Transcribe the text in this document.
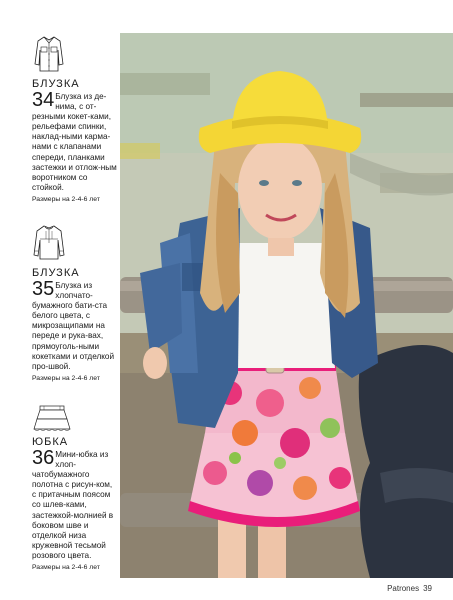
БЛУЗКА
34 Блузка из де-нима, с от-резными кокет-ками, рельефами спинки, наклад-ными карма-нами с клапанами спереди, планками застежки и отлож-ным воротником со стойкой.
Размеры на 2-4-6 лет
БЛУЗКА
35 Блузка из хлопчато-бумажного бати-ста белого цвета, с микрозащипами на переде и рука-вах, прямоуголь-ными кокетками и отделкой про-швой.
Размеры на 2-4-6 лет
ЮБКА
36 Мини-юбка из хлоп-чатобумажного полотна с рисун-ком, с притачным поясом со шлев-ками, застежкой-молнией в боковом шве и отделкой низа кружевной тесьмой розового цвета.
Размеры на 2-4-6 лет
Patrones 39
